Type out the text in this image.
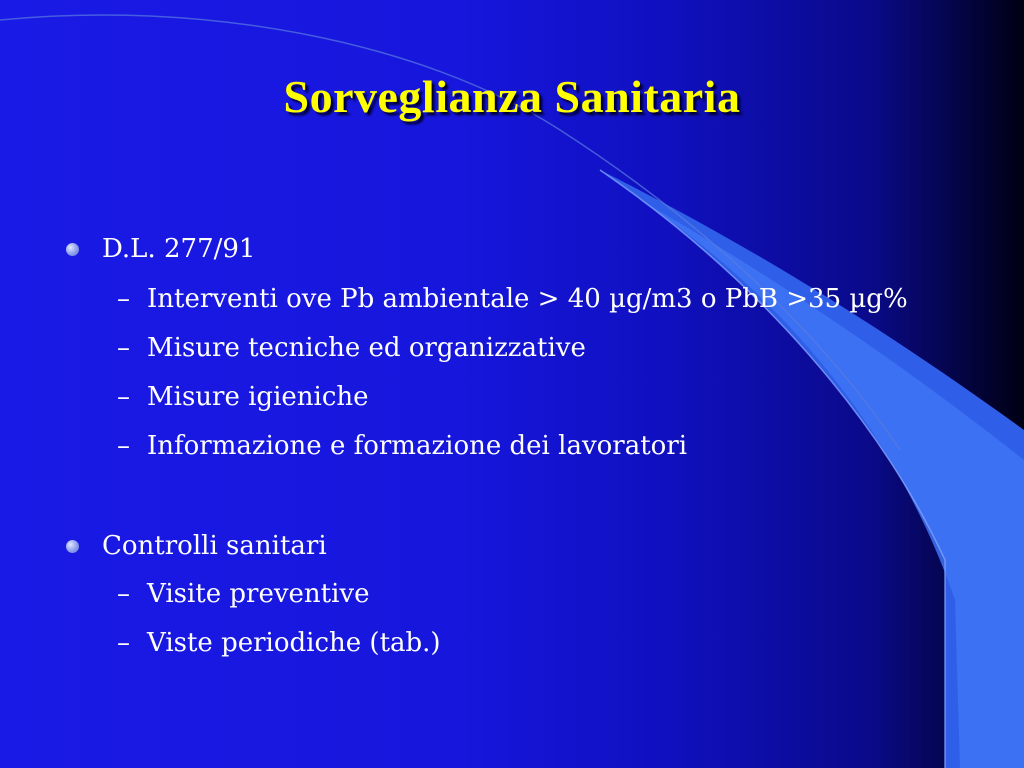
Sorveglianza Sanitaria
D.L. 277/91
– Interventi ove Pb ambientale > 40 µg/m3 o PbB >35 µg%
– Misure tecniche ed organizzative
– Misure igieniche
– Informazione e formazione dei lavoratori
Controlli sanitari
– Visite preventive
– Viste periodiche (tab.)
